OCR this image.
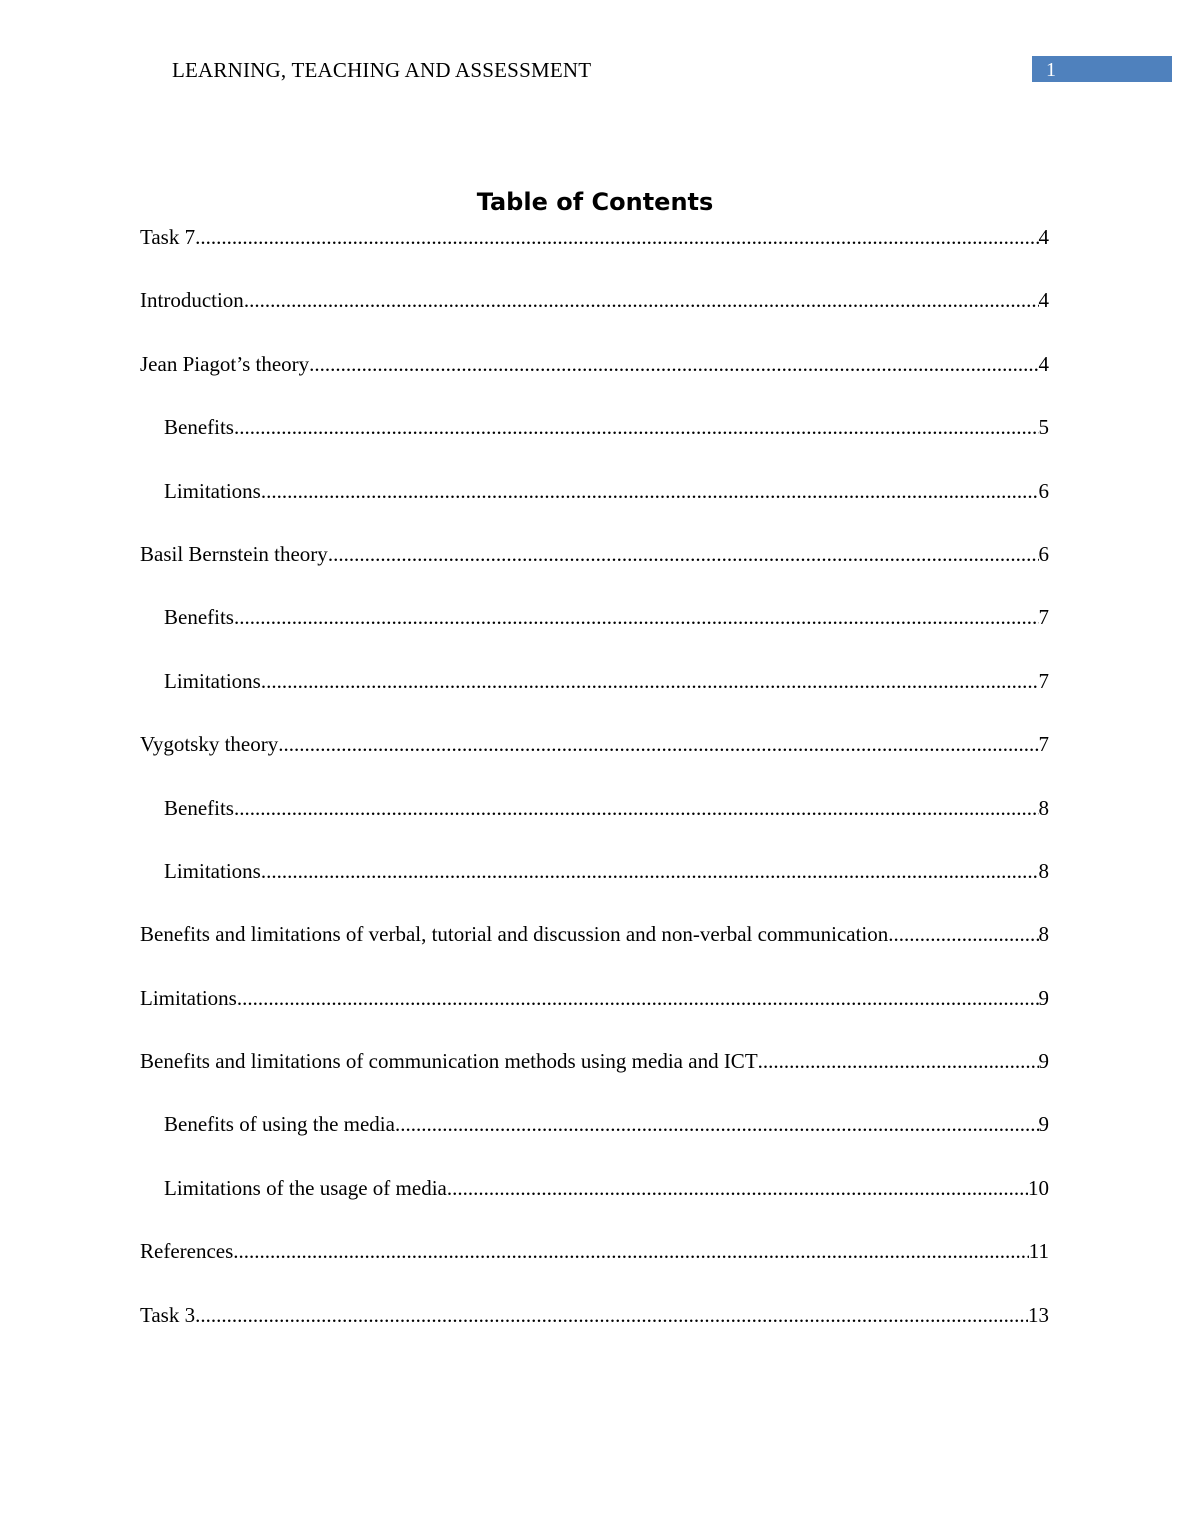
LEARNING, TEACHING AND ASSESSMENT	1
Table of Contents
Task 7 .....	4
Introduction .....	4
Jean Piagot’s theory .....	4
Benefits .....	5
Limitations .....	6
Basil Bernstein theory .....	6
Benefits .....	7
Limitations .....	7
Vygotsky theory .....	7
Benefits .....	8
Limitations .....	8
Benefits and limitations of verbal, tutorial and discussion and non-verbal communication .....	8
Limitations .....	9
Benefits and limitations of communication methods using media and ICT .....	9
Benefits of using the media .....	9
Limitations of the usage of media .....	10
References .....	11
Task 3 .....	13
